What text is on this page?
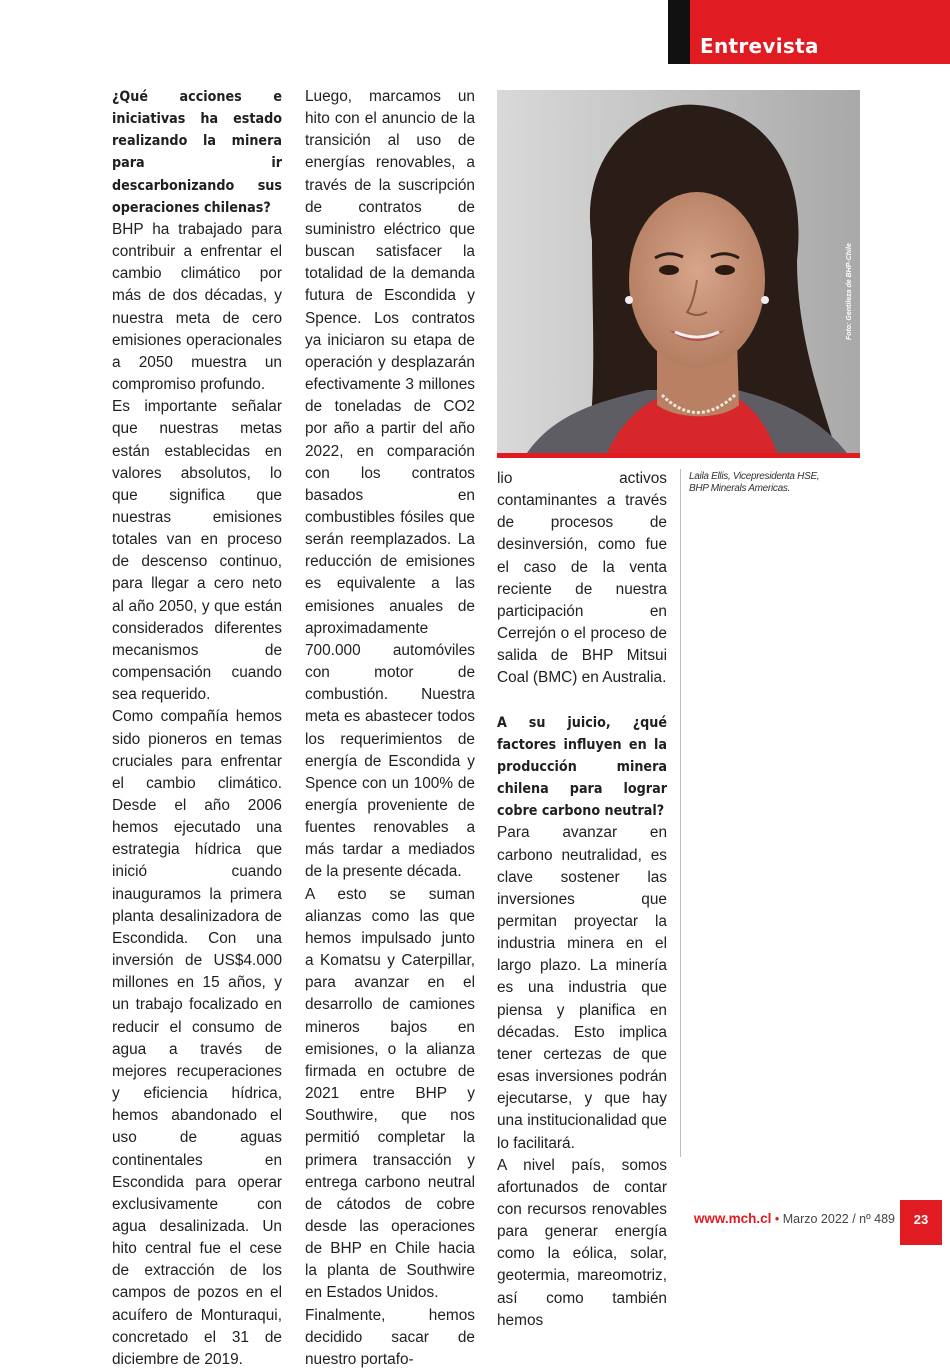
Entrevista

¿Qué acciones e iniciativas ha estado realizando la minera para ir descarbonizando sus operaciones chilenas?

BHP ha trabajado para contribuir a enfrentar el cambio climático por más de dos décadas, y nuestra meta de cero emisiones operacionales a 2050 muestra un compromiso profundo.

Es importante señalar que nuestras metas están establecidas en valores absolutos, lo que significa que nuestras emisiones totales van en proceso de descenso continuo, para llegar a cero neto al año 2050, y que están considerados diferentes mecanismos de compensación cuando sea requerido.

Como compañía hemos sido pioneros en temas cruciales para enfrentar el cambio climático. Desde el año 2006 hemos ejecutado una estrategia hídrica que inició cuando inauguramos la primera planta desalinizadora de Escondida. Con una inversión de US$4.000 millones en 15 años, y un trabajo focalizado en reducir el consumo de agua a través de mejores recuperaciones y eficiencia hídrica, hemos abandonado el uso de aguas continentales en Escondida para operar exclusivamente con agua desalinizada. Un hito central fue el cese de extracción de los campos de pozos en el acuífero de Monturaqui, concretado el 31 de diciembre de 2019.

Luego, marcamos un hito con el anuncio de la transición al uso de energías renovables, a través de la suscripción de contratos de suministro eléctrico que buscan satisfacer la totalidad de la demanda futura de Escondida y Spence. Los contratos ya iniciaron su etapa de operación y desplazarán efectivamente 3 millones de toneladas de CO2 por año a partir del año 2022, en comparación con los contratos basados en combustibles fósiles que serán reemplazados. La reducción de emisiones es equivalente a las emisiones anuales de aproximadamente 700.000 automóviles con motor de combustión. Nuestra meta es abastecer todos los requerimientos de energía de Escondida y Spence con un 100% de energía proveniente de fuentes renovables a más tardar a mediados de la presente década.

A esto se suman alianzas como las que hemos impulsado junto a Komatsu y Caterpillar, para avanzar en el desarrollo de camiones mineros bajos en emisiones, o la alianza firmada en octubre de 2021 entre BHP y Southwire, que nos permitió completar la primera transacción y entrega carbono neutral de cátodos de cobre desde las operaciones de BHP en Chile hacia la planta de Southwire en Estados Unidos.

Finalmente, hemos decidido sacar de nuestro portafo-

Foto: Gentileza de BHP-Chile
Laila Ellis, Vicepresidenta HSE,
BHP Minerals Americas.

lio activos contaminantes a través de procesos de desinversión, como fue el caso de la venta reciente de nuestra participación en Cerrejón o el proceso de salida de BHP Mitsui Coal (BMC) en Australia.

A su juicio, ¿qué factores influyen en la producción minera chilena para lograr cobre carbono neutral?

Para avanzar en carbono neutralidad, es clave sostener las inversiones que permitan proyectar la industria minera en el largo plazo. La minería es una industria que piensa y planifica en décadas. Esto implica tener certezas de que esas inversiones podrán ejecutarse, y que hay una institucionalidad que lo facilitará.

A nivel país, somos afortunados de contar con recursos renovables para generar energía como la eólica, solar, geotermia, mareomotriz, así como también hemos

www.mch.cl • Marzo 2022 / nº 489	23
